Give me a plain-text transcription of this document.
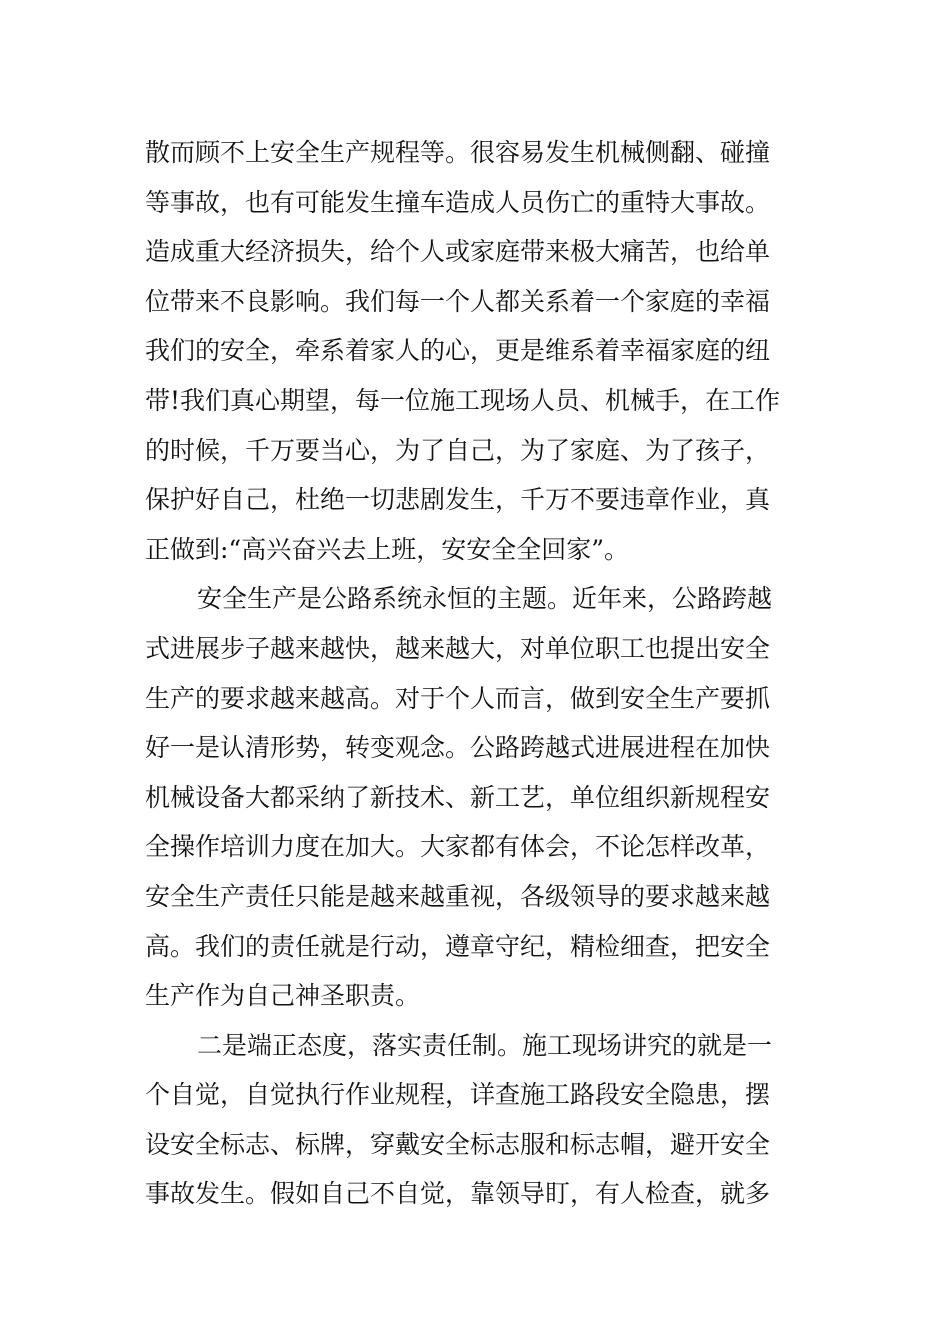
散而顾不上安全生产规程等。很容易发生机械侧翻、碰撞
等事故，也有可能发生撞车造成人员伤亡的重特大事故。
造成重大经济损失，给个人或家庭带来极大痛苦，也给单
位带来不良影响。我们每一个人都关系着一个家庭的幸福
我们的安全，牵系着家人的心，更是维系着幸福家庭的纽
带!我们真心期望，每一位施工现场人员、机械手，在工作
的时候，千万要当心，为了自己，为了家庭、为了孩子，
保护好自己，杜绝一切悲剧发生，千万不要违章作业，真
正做到:“高兴奋兴去上班，安安全全回家”。
安全生产是公路系统永恒的主题。近年来，公路跨越
式进展步子越来越快，越来越大，对单位职工也提出安全
生产的要求越来越高。对于个人而言，做到安全生产要抓
好一是认清形势，转变观念。公路跨越式进展进程在加快
机械设备大都采纳了新技术、新工艺，单位组织新规程安
全操作培训力度在加大。大家都有体会，不论怎样改革，
安全生产责任只能是越来越重视，各级领导的要求越来越
高。我们的责任就是行动，遵章守纪，精检细查，把安全
生产作为自己神圣职责。
二是端正态度，落实责任制。施工现场讲究的就是一
个自觉，自觉执行作业规程，详查施工路段安全隐患，摆
设安全标志、标牌，穿戴安全标志服和标志帽，避开安全
事故发生。假如自己不自觉，靠领导盯，有人检查，就多
